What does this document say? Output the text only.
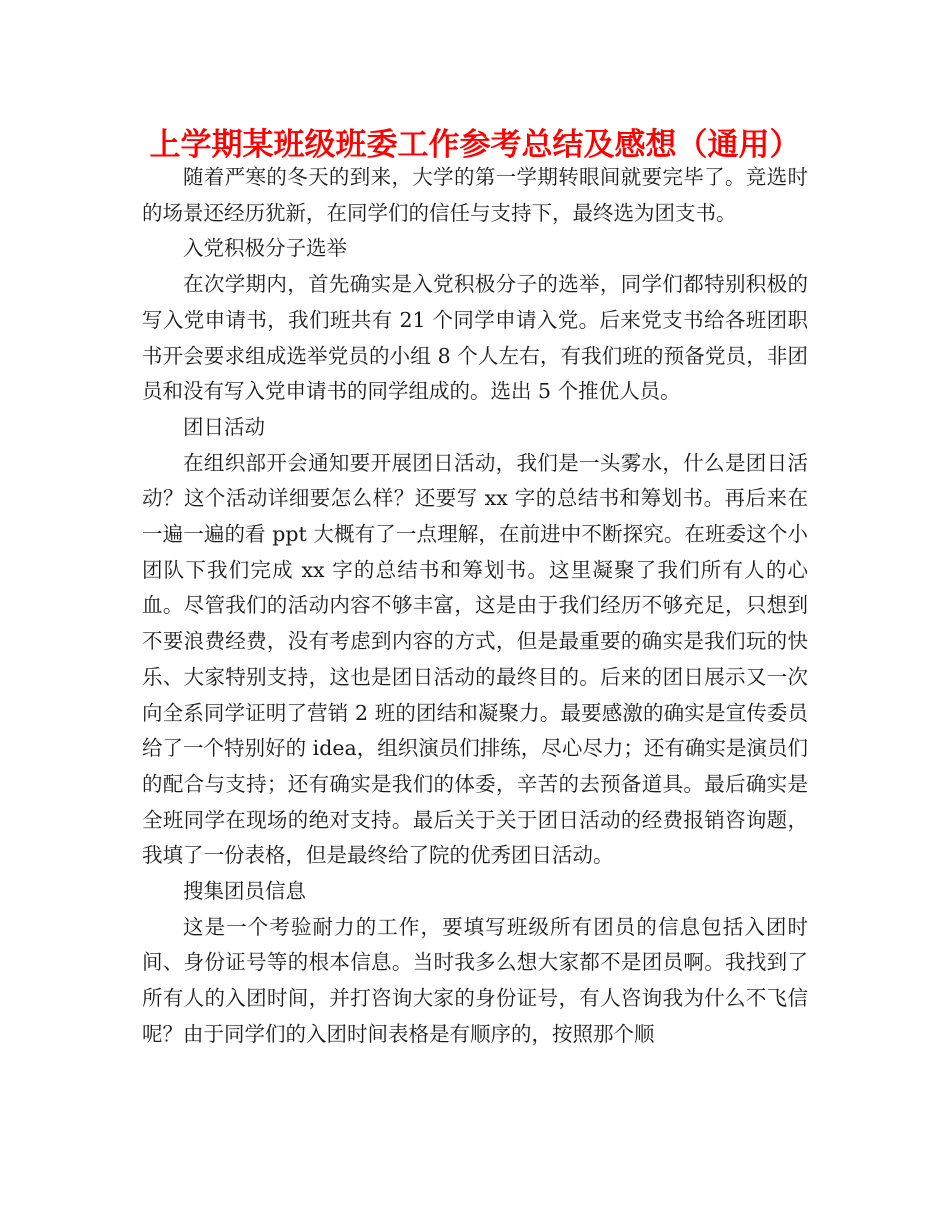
上学期某班级班委工作参考总结及感想（通用）

随着严寒的冬天的到来，大学的第一学期转眼间就要完毕了。竞选时的场景还经历犹新，在同学们的信任与支持下，最终选为团支书。

入党积极分子选举

在次学期内，首先确实是入党积极分子的选举，同学们都特别积极的写入党申请书，我们班共有 21 个同学申请入党。后来党支书给各班团职书开会要求组成选举党员的小组 8 个人左右，有我们班的预备党员，非团员和没有写入党申请书的同学组成的。选出 5 个推优人员。

团日活动

在组织部开会通知要开展团日活动，我们是一头雾水，什么是团日活动？这个活动详细要怎么样？还要写 xx 字的总结书和筹划书。再后来在一遍一遍的看 ppt 大概有了一点理解，在前进中不断探究。在班委这个小团队下我们完成 xx 字的总结书和筹划书。这里凝聚了我们所有人的心血。尽管我们的活动内容不够丰富，这是由于我们经历不够充足，只想到不要浪费经费，没有考虑到内容的方式，但是最重要的确实是我们玩的快乐、大家特别支持，这也是团日活动的最终目的。后来的团日展示又一次向全系同学证明了营销 2 班的团结和凝聚力。最要感激的确实是宣传委员给了一个特别好的 idea，组织演员们排练，尽心尽力；还有确实是演员们的配合与支持；还有确实是我们的体委，辛苦的去预备道具。最后确实是全班同学在现场的绝对支持。最后关于关于团日活动的经费报销咨询题，我填了一份表格，但是最终给了院的优秀团日活动。

搜集团员信息

这是一个考验耐力的工作，要填写班级所有团员的信息包括入团时间、身份证号等的根本信息。当时我多么想大家都不是团员啊。我找到了所有人的入团时间，并打咨询大家的身份证号，有人咨询我为什么不飞信呢？由于同学们的入团时间表格是有顺序的，按照那个顺
